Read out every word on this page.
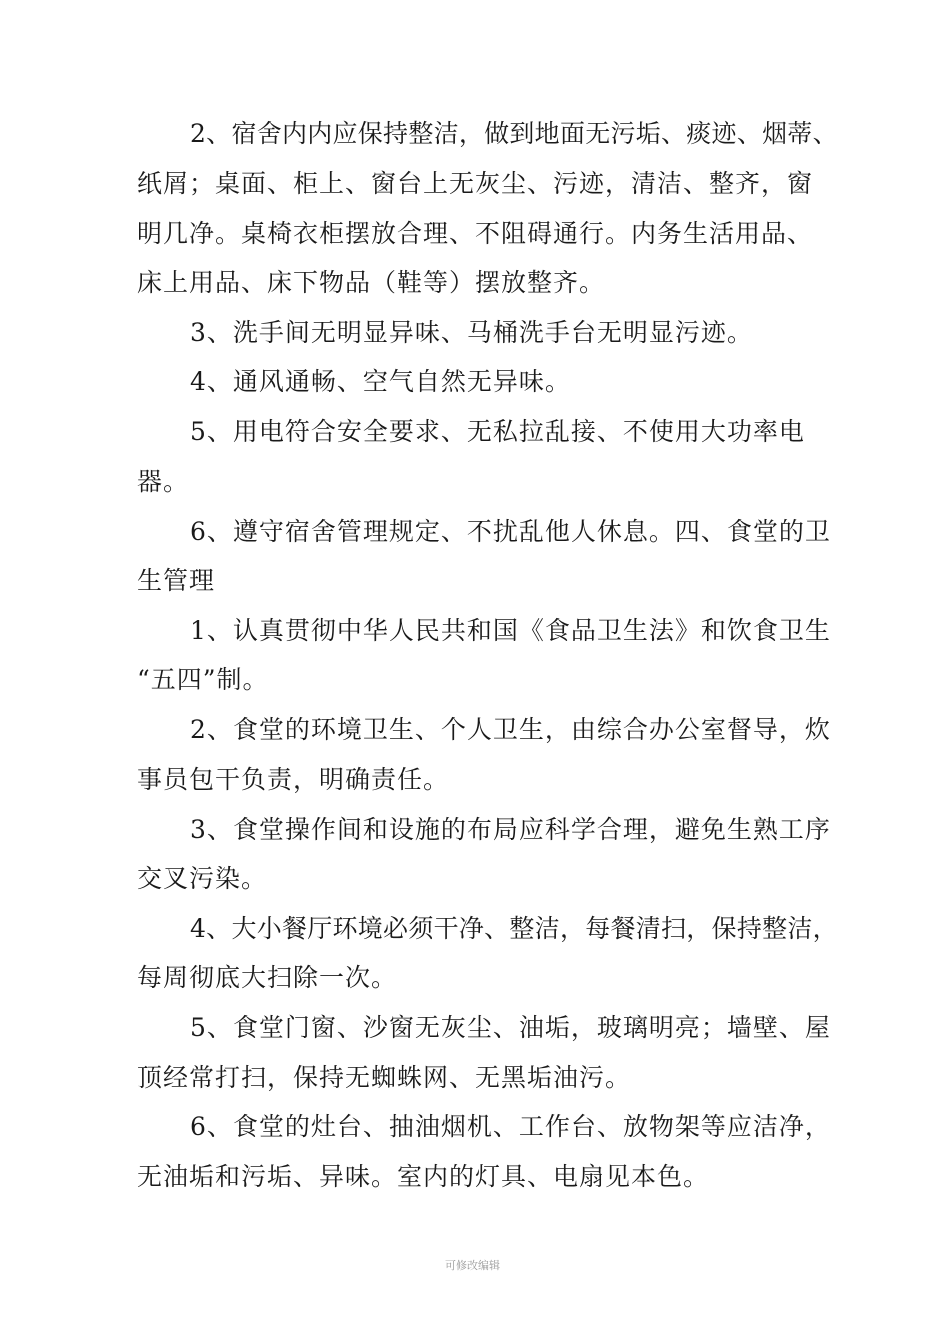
2、宿舍内内应保持整洁，做到地面无污垢、痰迹、烟蒂、
纸屑；桌面、柜上、窗台上无灰尘、污迹，清洁、整齐，窗
明几净。桌椅衣柜摆放合理、不阻碍通行。内务生活用品、
床上用品、床下物品（鞋等）摆放整齐。
3、洗手间无明显异味、马桶洗手台无明显污迹。
4、通风通畅、空气自然无异味。
5、用电符合安全要求、无私拉乱接、不使用大功率电
器。
6、遵守宿舍管理规定、不扰乱他人休息。四、食堂的卫
生管理
1、认真贯彻中华人民共和国《食品卫生法》和饮食卫生
“五四”制。
2、食堂的环境卫生、个人卫生，由综合办公室督导，炊
事员包干负责，明确责任。
3、食堂操作间和设施的布局应科学合理，避免生熟工序
交叉污染。
4、大小餐厅环境必须干净、整洁，每餐清扫，保持整洁，
每周彻底大扫除一次。
5、食堂门窗、沙窗无灰尘、油垢，玻璃明亮；墙壁、屋
顶经常打扫，保持无蜘蛛网、无黑垢油污。
6、食堂的灶台、抽油烟机、工作台、放物架等应洁净，
无油垢和污垢、异味。室内的灯具、电扇见本色。
可修改编辑
